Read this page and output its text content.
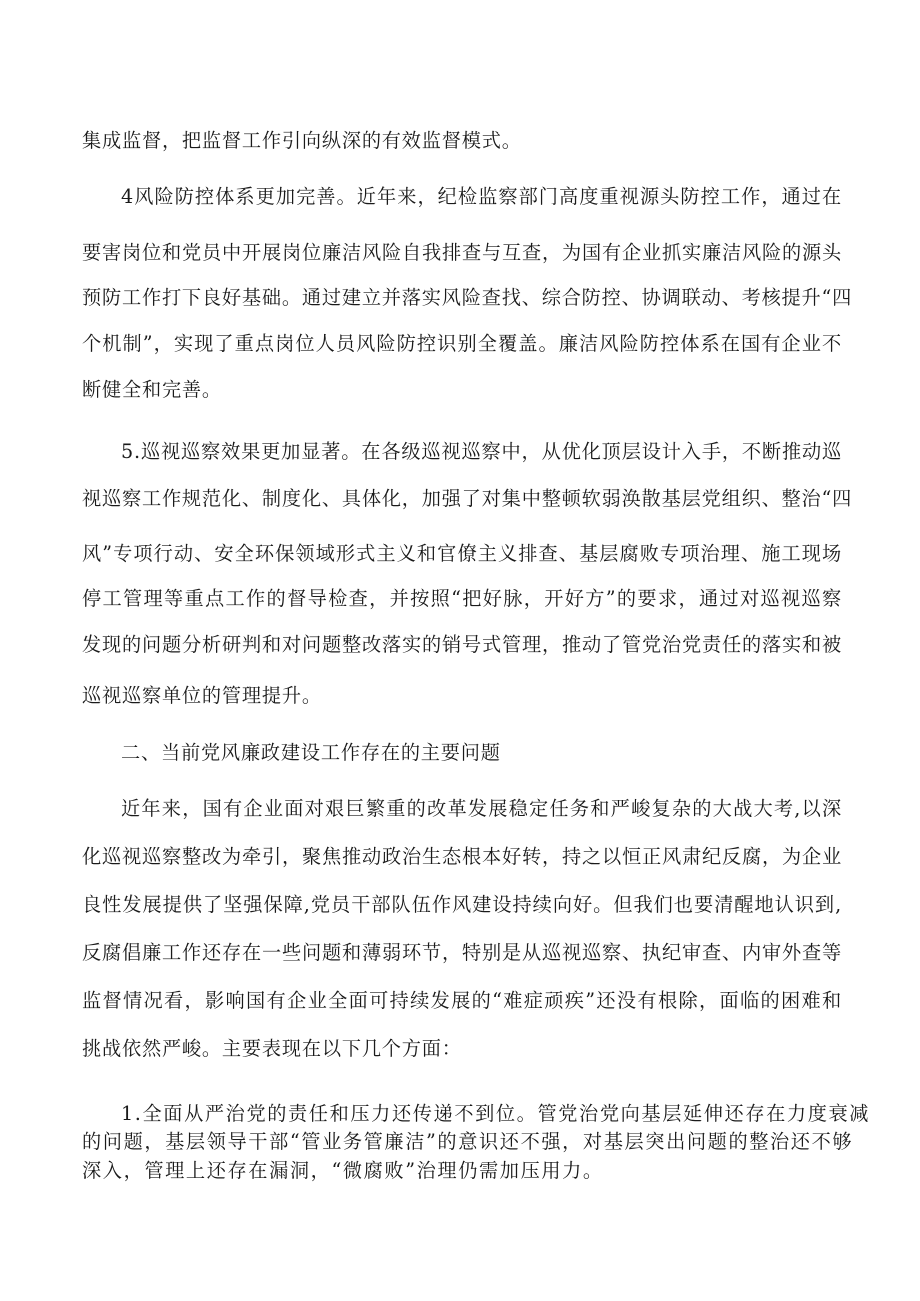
集成监督，把监督工作引向纵深的有效监督模式。
4风险防控体系更加完善。近年来，纪检监察部门高度重视源头防控工作，通过在
要害岗位和党员中开展岗位廉洁风险自我排查与互查，为国有企业抓实廉洁风险的源头
预防工作打下良好基础。通过建立并落实风险查找、综合防控、协调联动、考核提升“四
个机制”，实现了重点岗位人员风险防控识别全覆盖。廉洁风险防控体系在国有企业不
断健全和完善。
5.巡视巡察效果更加显著。在各级巡视巡察中，从优化顶层设计入手，不断推动巡
视巡察工作规范化、制度化、具体化，加强了对集中整顿软弱涣散基层党组织、整治“四
风”专项行动、安全环保领域形式主义和官僚主义排查、基层腐败专项治理、施工现场
停工管理等重点工作的督导检查，并按照“把好脉，开好方”的要求，通过对巡视巡察
发现的问题分析研判和对问题整改落实的销号式管理，推动了管党治党责任的落实和被
巡视巡察单位的管理提升。
二、当前党风廉政建设工作存在的主要问题
近年来，国有企业面对艰巨繁重的改革发展稳定任务和严峻复杂的大战大考,以深
化巡视巡察整改为牵引，聚焦推动政治生态根本好转，持之以恒正风肃纪反腐，为企业
良性发展提供了坚强保障,党员干部队伍作风建设持续向好。但我们也要清醒地认识到,
反腐倡廉工作还存在一些问题和薄弱环节，特别是从巡视巡察、执纪审查、内审外查等
监督情况看，影响国有企业全面可持续发展的“难症顽疾”还没有根除，面临的困难和
挑战依然严峻。主要表现在以下几个方面：
1.全面从严治党的责任和压力还传递不到位。管党治党向基层延伸还存在力度衰减
的问题，基层领导干部“管业务管廉洁”的意识还不强，对基层突出问题的整治还不够
深入，管理上还存在漏洞，“微腐败”治理仍需加压用力。
